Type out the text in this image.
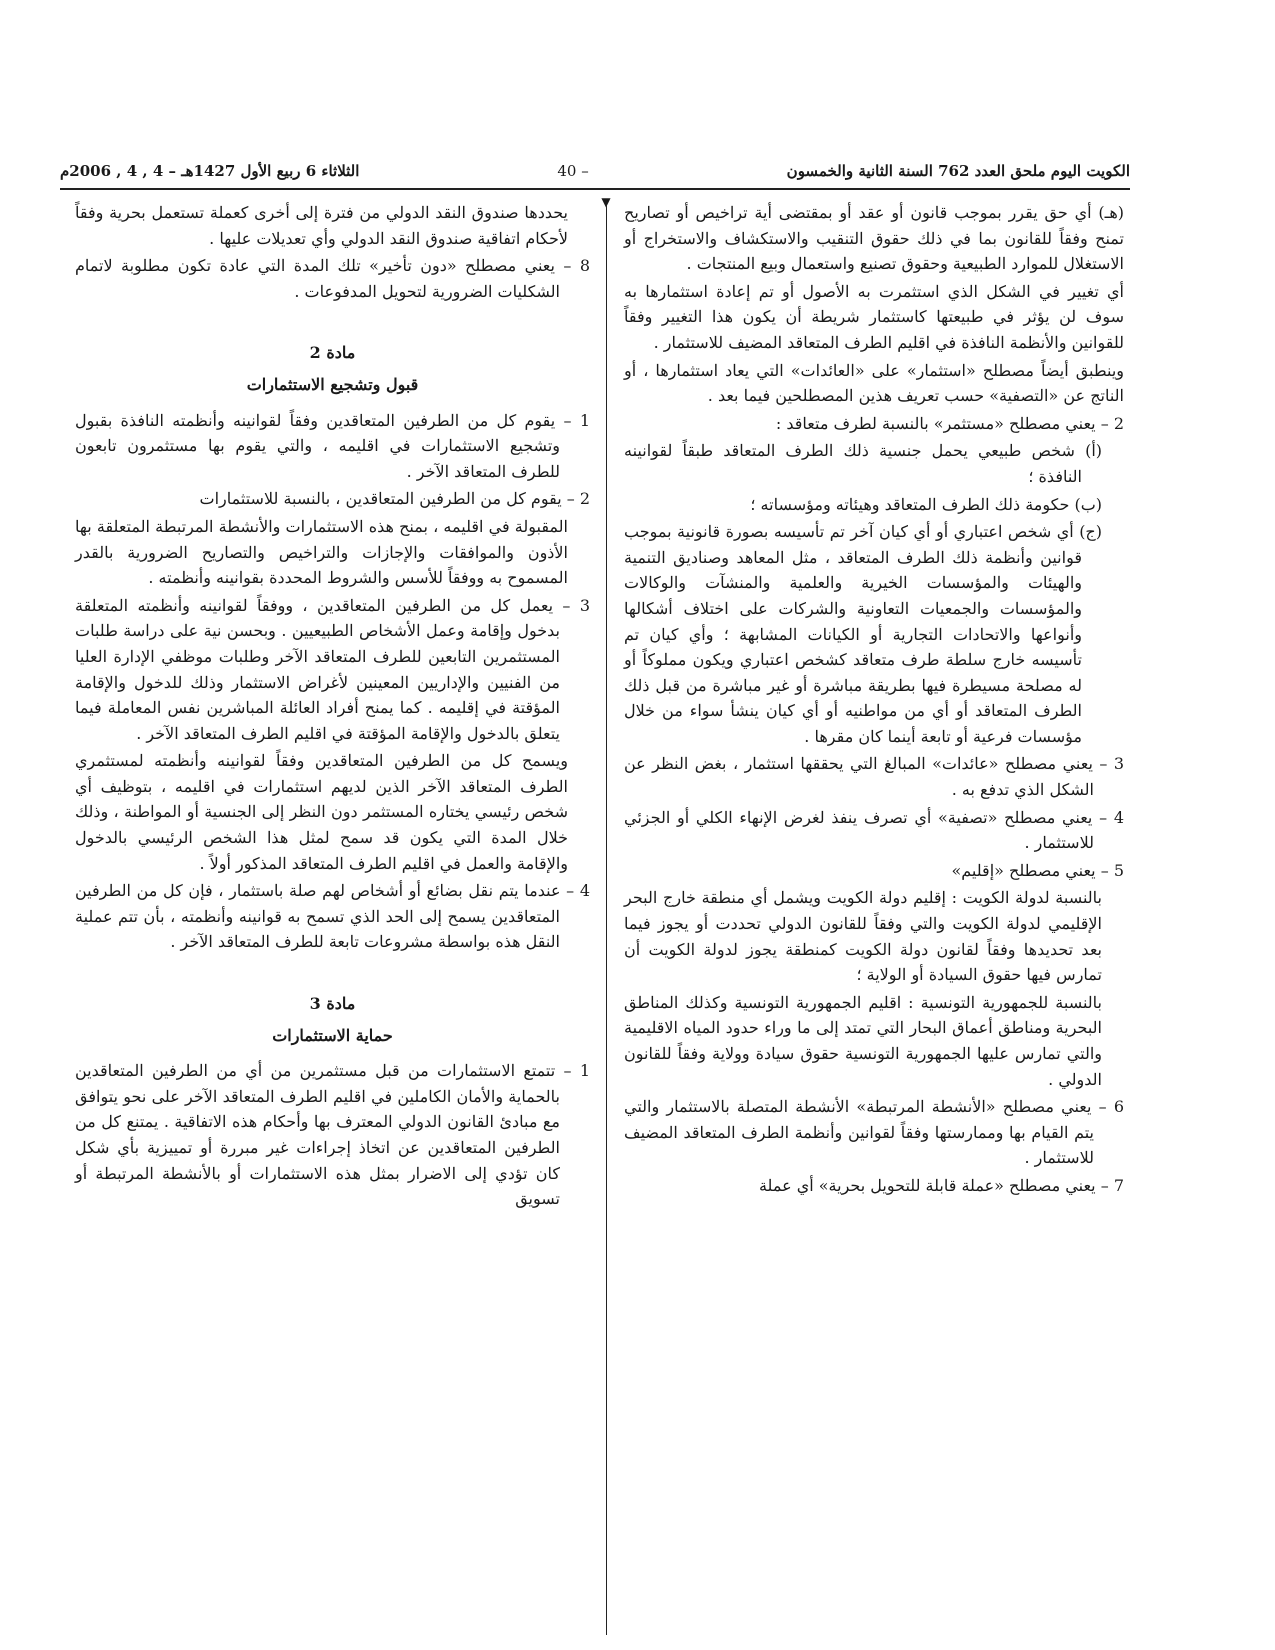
الكويت اليوم ملحق العدد 762 السنة الثانية والخمسون
– 40
الثلاثاء 6 ربيع الأول 1427هـ – 4 , 4 , 2006م
▼

(هـ) أي حق يقرر بموجب قانون أو عقد أو بمقتضى أية تراخيص أو تصاريح تمنح وفقاً للقانون بما في ذلك حقوق التنقيب والاستكشاف والاستخراج أو الاستغلال للموارد الطبيعية وحقوق تصنيع واستعمال وبيع المنتجات .

أي تغيير في الشكل الذي استثمرت به الأصول أو تم إعادة استثمارها به سوف لن يؤثر في طبيعتها كاستثمار شريطة أن يكون هذا التغيير وفقاً للقوانين والأنظمة النافذة في اقليم الطرف المتعاقد المضيف للاستثمار .

وينطبق أيضاً مصطلح «استثمار» على «العائدات» التي يعاد استثمارها ، أو الناتج عن «التصفية» حسب تعريف هذين المصطلحين فيما بعد .

2 – يعني مصطلح «مستثمر» بالنسبة لطرف متعاقد :

(أ) شخص طبيعي يحمل جنسية ذلك الطرف المتعاقد طبقاً لقوانينه النافذة ؛

(ب) حكومة ذلك الطرف المتعاقد وهيئاته ومؤسساته ؛

(ج) أي شخص اعتباري أو أي كيان آخر تم تأسيسه بصورة قانونية بموجب قوانين وأنظمة ذلك الطرف المتعاقد ، مثل المعاهد وصناديق التنمية والهيئات والمؤسسات الخيرية والعلمية والمنشآت والوكالات والمؤسسات والجمعيات التعاونية والشركات على اختلاف أشكالها وأنواعها والاتحادات التجارية أو الكيانات المشابهة ؛ وأي كيان تم تأسيسه خارج سلطة طرف متعاقد كشخص اعتباري ويكون مملوكاً أو له مصلحة مسيطرة فيها بطريقة مباشرة أو غير مباشرة من قبل ذلك الطرف المتعاقد أو أي من مواطنيه أو أي كيان ينشأ سواء من خلال مؤسسات فرعية أو تابعة أينما كان مقرها .

3 – يعني مصطلح «عائدات» المبالغ التي يحققها استثمار ، بغض النظر عن الشكل الذي تدفع به .

4 – يعني مصطلح «تصفية» أي تصرف ينفذ لغرض الإنهاء الكلي أو الجزئي للاستثمار .

5 – يعني مصطلح «إقليم»

بالنسبة لدولة الكويت : إقليم دولة الكويت ويشمل أي منطقة خارج البحر الإقليمي لدولة الكويت والتي وفقاً للقانون الدولي تحددت أو يجوز فيما بعد تحديدها وفقاً لقانون دولة الكويت كمنطقة يجوز لدولة الكويت أن تمارس فيها حقوق السيادة أو الولاية ؛

بالنسبة للجمهورية التونسية : اقليم الجمهورية التونسية وكذلك المناطق البحرية ومناطق أعماق البحار التي تمتد إلى ما وراء حدود المياه الاقليمية والتي تمارس عليها الجمهورية التونسية حقوق سيادة وولاية وفقاً للقانون الدولي .

6 – يعني مصطلح «الأنشطة المرتبطة» الأنشطة المتصلة بالاستثمار والتي يتم القيام بها وممارستها وفقاً لقوانين وأنظمة الطرف المتعاقد المضيف للاستثمار .

7 – يعني مصطلح «عملة قابلة للتحويل بحرية» أي عملة

يحددها صندوق النقد الدولي من فترة إلى أخرى كعملة تستعمل بحرية وفقاً لأحكام اتفاقية صندوق النقد الدولي وأي تعديلات عليها .

8 – يعني مصطلح «دون تأخير» تلك المدة التي عادة تكون مطلوبة لاتمام الشكليات الضرورية لتحويل المدفوعات .

مادة 2

قبول وتشجيع الاستثمارات

1 – يقوم كل من الطرفين المتعاقدين وفقاً لقوانينه وأنظمته النافذة بقبول وتشجيع الاستثمارات في اقليمه ، والتي يقوم بها مستثمرون تابعون للطرف المتعاقد الآخر .

2 – يقوم كل من الطرفين المتعاقدين ، بالنسبة للاستثمارات

المقبولة في اقليمه ، بمنح هذه الاستثمارات والأنشطة المرتبطة المتعلقة بها الأذون والموافقات والإجازات والتراخيص والتصاريح الضرورية بالقدر المسموح به ووفقاً للأسس والشروط المحددة بقوانينه وأنظمته .

3 – يعمل كل من الطرفين المتعاقدين ، ووفقاً لقوانينه وأنظمته المتعلقة بدخول وإقامة وعمل الأشخاص الطبيعيين . وبحسن نية على دراسة طلبات المستثمرين التابعين للطرف المتعاقد الآخر وطلبات موظفي الإدارة العليا من الفنيين والإداريين المعينين لأغراض الاستثمار وذلك للدخول والإقامة المؤقتة في إقليمه . كما يمنح أفراد العائلة المباشرين نفس المعاملة فيما يتعلق بالدخول والإقامة المؤقتة في اقليم الطرف المتعاقد الآخر .

ويسمح كل من الطرفين المتعاقدين وفقاً لقوانينه وأنظمته لمستثمري الطرف المتعاقد الآخر الذين لديهم استثمارات في اقليمه ، بتوظيف أي شخص رئيسي يختاره المستثمر دون النظر إلى الجنسية أو المواطنة ، وذلك خلال المدة التي يكون قد سمح لمثل هذا الشخص الرئيسي بالدخول والإقامة والعمل في اقليم الطرف المتعاقد المذكور أولاً .

4 – عندما يتم نقل بضائع أو أشخاص لهم صلة باستثمار ، فإن كل من الطرفين المتعاقدين يسمح إلى الحد الذي تسمح به قوانينه وأنظمته ، بأن تتم عملية النقل هذه بواسطة مشروعات تابعة للطرف المتعاقد الآخر .

مادة 3

حماية الاستثمارات

1 – تتمتع الاستثمارات من قبل مستثمرين من أي من الطرفين المتعاقدين بالحماية والأمان الكاملين في اقليم الطرف المتعاقد الآخر على نحو يتوافق مع مبادئ القانون الدولي المعترف بها وأحكام هذه الاتفاقية . يمتنع كل من الطرفين المتعاقدين عن اتخاذ إجراءات غير مبررة أو تمييزية بأي شكل كان تؤدي إلى الاضرار بمثل هذه الاستثمارات أو بالأنشطة المرتبطة أو تسويق
